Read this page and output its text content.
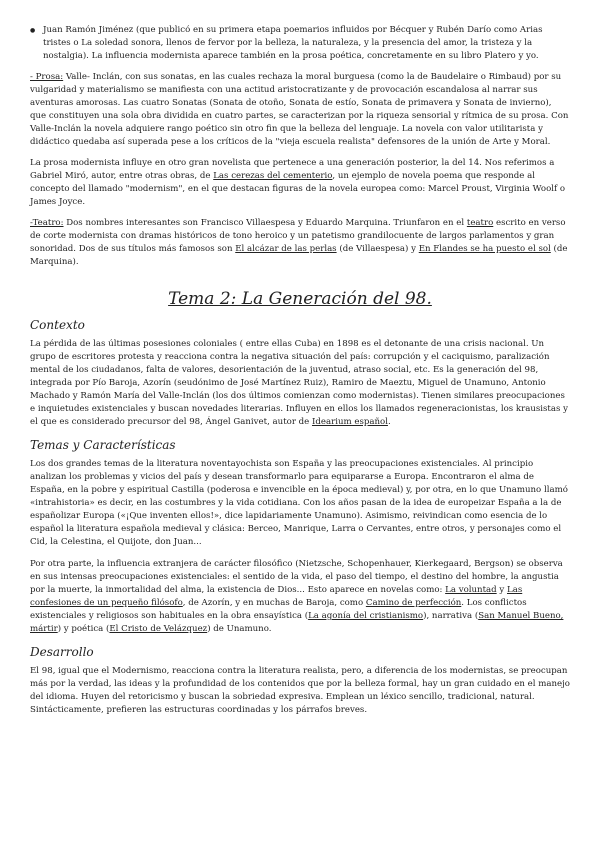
● Juan Ramón Jiménez (que publicó en su primera etapa poemarios influidos por Bécquer y Rubén Darío como Arias tristes o La soledad sonora, llenos de fervor por la belleza, la naturaleza, y la presencia del amor, la tristeza y la nostalgia). La influencia modernista aparece también en la prosa poética, concretamente en su libro Platero y yo.

- Prosa: Valle- Inclán, con sus sonatas, en las cuales rechaza la moral burguesa (como la de Baudelaire o Rimbaud) por su vulgaridad y materialismo se manifiesta con una actitud aristocratizante y de provocación escandalosa al narrar sus aventuras amorosas. Las cuatro Sonatas (Sonata de otoño, Sonata de estío, Sonata de primavera y Sonata de invierno), que constituyen una sola obra dividida en cuatro partes, se caracterizan por la riqueza sensorial y rítmica de su prosa. Con Valle-Inclán la novela adquiere rango poético sin otro fin que la belleza del lenguaje. La novela con valor utilitarista y didáctico quedaba así superada pese a los críticos de la "vieja escuela realista" defensores de la unión de Arte y Moral.

La prosa modernista influye en otro gran novelista que pertenece a una generación posterior, la del 14. Nos referimos a Gabriel Miró, autor, entre otras obras, de Las cerezas del cementerio, un ejemplo de novela poema que responde al concepto del llamado "modernism", en el que destacan figuras de la novela europea como: Marcel Proust, Virginia Woolf o James Joyce.

-Teatro: Dos nombres interesantes son Francisco Villaespesa y Eduardo Marquina. Triunfaron en el teatro escrito en verso de corte modernista con dramas históricos de tono heroico y un patetismo grandilocuente de largos parlamentos y gran sonoridad. Dos de sus títulos más famosos son El alcázar de las perlas (de Villaespesa) y En Flandes se ha puesto el sol (de Marquina).

Tema 2: La Generación del 98.
Contexto

La pérdida de las últimas posesiones coloniales ( entre ellas Cuba) en 1898 es el detonante de una crisis nacional. Un grupo de escritores protesta y reacciona contra la negativa situación del país: corrupción y el caciquismo, paralización mental de los ciudadanos, falta de valores, desorientación de la juventud, atraso social, etc. Es la generación del 98, integrada por Pío Baroja, Azorín (seudónimo de José Martínez Ruiz), Ramiro de Maeztu, Miguel de Unamuno, Antonio Machado y Ramón María del Valle-Inclán (los dos últimos comienzan como modernistas). Tienen similares preocupaciones e inquietudes existenciales y buscan novedades literarias. Influyen en ellos los llamados regeneracionistas, los krausistas y el que es considerado precursor del 98, Ángel Ganivet, autor de Idearium español.

Temas y Características

Los dos grandes temas de la literatura noventayochista son España y las preocupaciones existenciales. Al principio analizan los problemas y vicios del país y desean transformarlo para equipararse a Europa. Encontraron el alma de España, en la pobre y espiritual Castilla (poderosa e invencible en la época medieval) y, por otra, en lo que Unamuno llamó «intrahistoria» es decir, en las costumbres y la vida cotidiana. Con los años pasan de la idea de europeizar España a la de españolizar Europa («¡Que inventen ellos!», dice lapidariamente Unamuno). Asimismo, reivindican como esencia de lo español la literatura española medieval y clásica: Berceo, Manrique, Larra o Cervantes, entre otros, y personajes como el Cid, la Celestina, el Quijote, don Juan...

Por otra parte, la influencia extranjera de carácter filosófico (Nietzsche, Schopenhauer, Kierkegaard, Bergson) se observa en sus intensas preocupaciones existenciales: el sentido de la vida, el paso del tiempo, el destino del hombre, la angustia por la muerte, la inmortalidad del alma, la existencia de Dios... Esto aparece en novelas como: La voluntad y Las confesiones de un pequeño filósofo, de Azorín, y en muchas de Baroja, como Camino de perfección. Los conflictos existenciales y religiosos son habituales en la obra ensayística (La agonía del cristianismo), narrativa (San Manuel Bueno, mártir) y poética (El Cristo de Velázquez) de Unamuno.

Desarrollo

El 98, igual que el Modernismo, reacciona contra la literatura realista, pero, a diferencia de los modernistas, se preocupan más por la verdad, las ideas y la profundidad de los contenidos que por la belleza formal, hay un gran cuidado en el manejo del idioma. Huyen del retoricismo y buscan la sobriedad expresiva. Emplean un léxico sencillo, tradicional, natural. Sintácticamente, prefieren las estructuras coordinadas y los párrafos breves.
